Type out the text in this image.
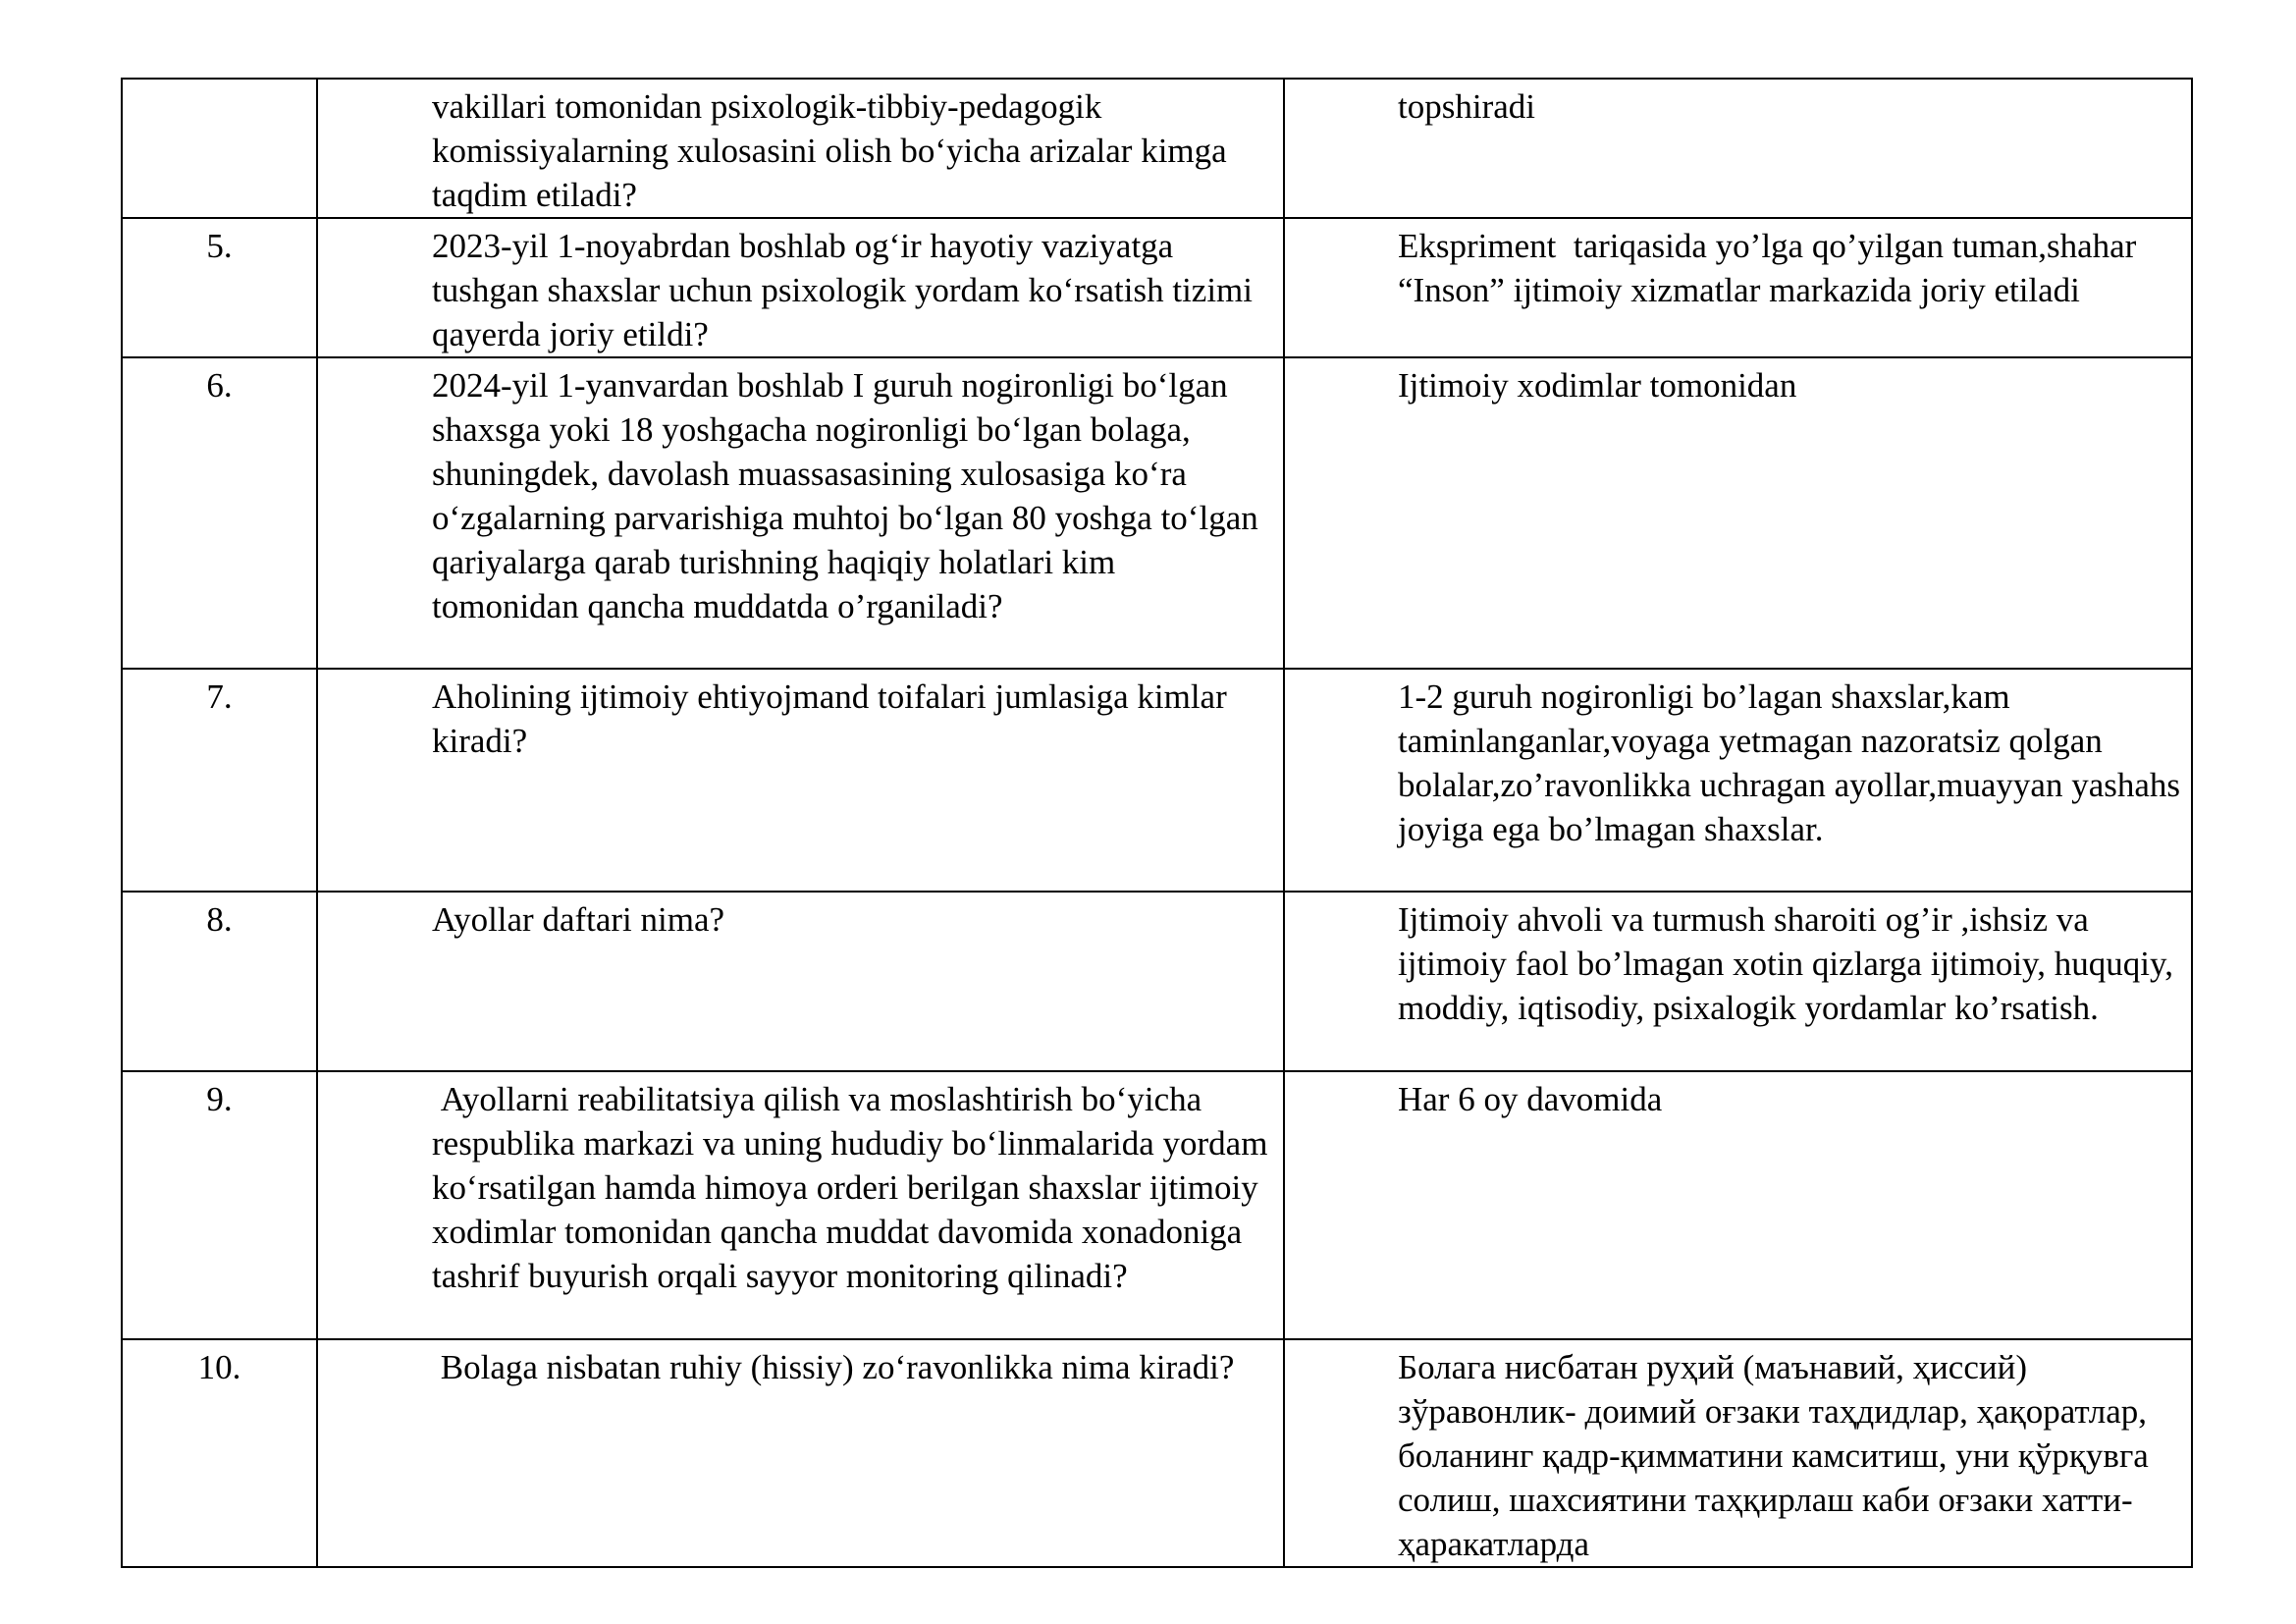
	vakillari tomonidan psixologik-tibbiy-pedagogik komissiyalarning xulosasini olish bo‘yicha arizalar kimga taqdim etiladi?	topshiradi

5.	2023-yil 1-noyabrdan boshlab og‘ir hayotiy vaziyatga tushgan shaxslar uchun psixologik yordam ko‘rsatish tizimi qayerda joriy etildi?	Ekspriment  tariqasida yo’lga qo’yilgan tuman,shahar “Inson” ijtimoiy xizmatlar markazida joriy etiladi

6.	2024-yil 1-yanvardan boshlab I guruh nogironligi bo‘lgan shaxsga yoki 18 yoshgacha nogironligi bo‘lgan bolaga, shuningdek, davolash muassasasining xulosasiga ko‘ra o‘zgalarning parvarishiga muhtoj bo‘lgan 80 yoshga to‘lgan qariyalarga qarab turishning haqiqiy holatlari kim tomonidan qancha muddatda o’rganiladi?	Ijtimoiy xodimlar tomonidan

7.	Aholining ijtimoiy ehtiyojmand toifalari jumlasiga kimlar kiradi?	1-2 guruh nogironligi bo’lagan shaxslar,kam taminlanganlar,voyaga yetmagan nazoratsiz qolgan bolalar,zo’ravonlikka uchragan ayollar,muayyan yashahs joyiga ega bo’lmagan shaxslar.

8.	Ayollar daftari nima?	Ijtimoiy ahvoli va turmush sharoiti og’ir ,ishsiz va ijtimoiy faol bo’lmagan xotin qizlarga ijtimoiy, huquqiy, moddiy, iqtisodiy, psixalogik yordamlar ko’rsatish.

9.	Ayollarni reabilitatsiya qilish va moslashtirish bo‘yicha respublika markazi va uning hududiy bo‘linmalarida yordam ko‘rsatilgan hamda himoya orderi berilgan shaxslar ijtimoiy xodimlar tomonidan qancha muddat davomida xonadoniga tashrif buyurish orqali sayyor monitoring qilinadi?	Har 6 oy davomida

10.	Bolaga nisbatan ruhiy (hissiy) zo‘ravonlikka nima kiradi?	Болага нисбатан руҳий (маънавий, ҳиссий) зўравонлик- доимий оғзаки таҳдидлар, ҳақоратлар, боланинг қадр-қимматини камситиш, уни қўрқувга солиш, шахсиятини таҳқирлаш каби оғзаки хатти-ҳаракатларда
